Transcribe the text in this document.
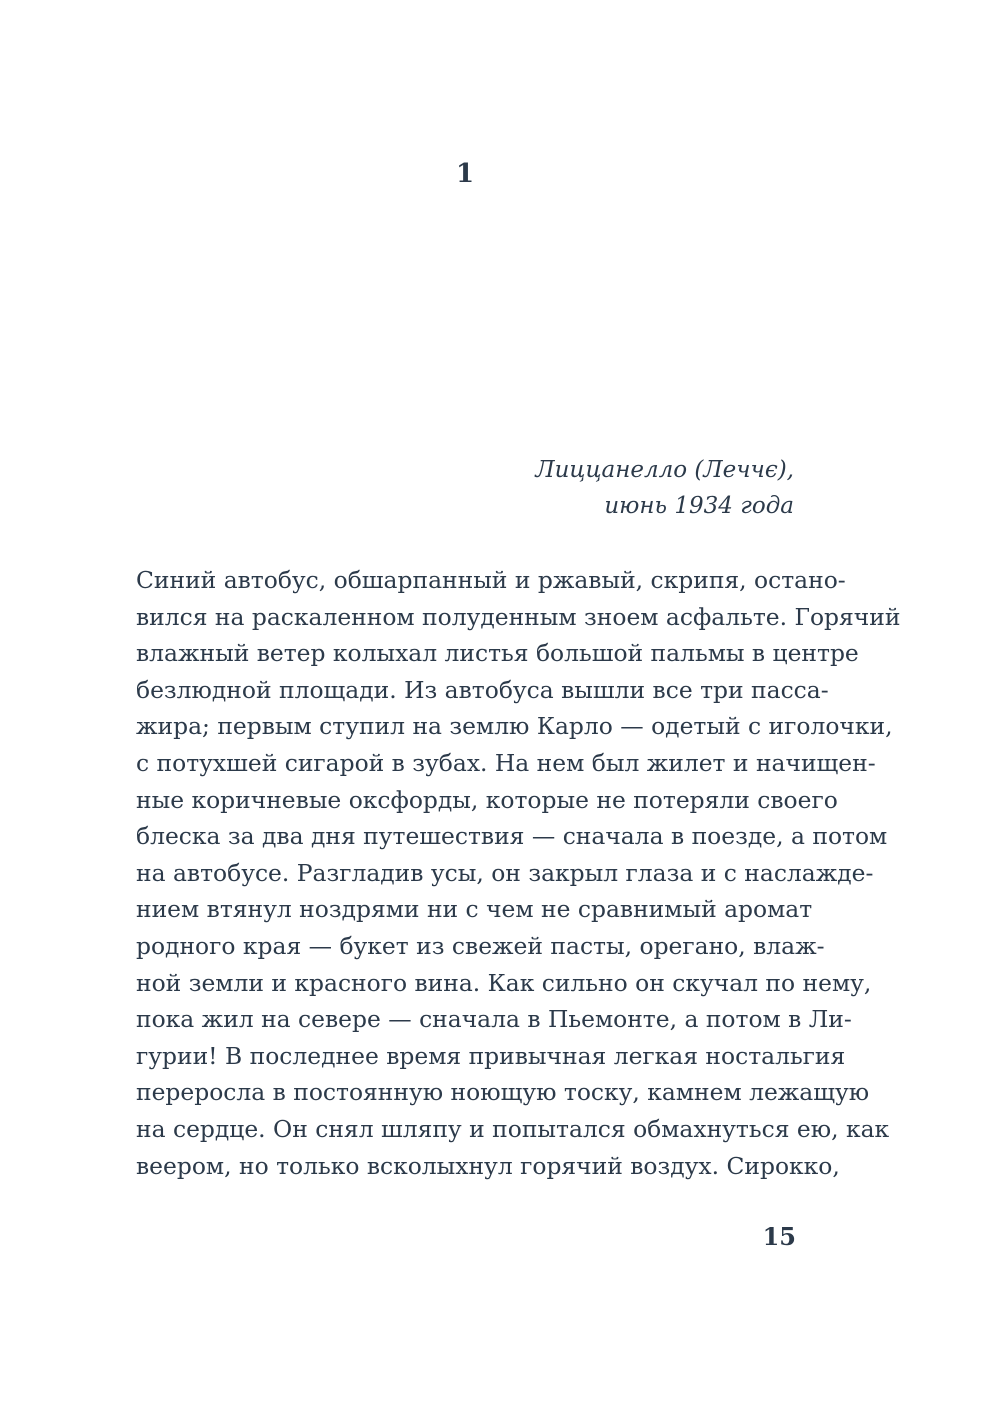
1
Лиццанелло (Леччє),
июнь 1934 года
Синий автобус, обшарпанный и ржавый, скрипя, остано-
вился на раскаленном полуденным зноем асфальте. Горячий
влажный ветер колыхал листья большой пальмы в центре
безлюдной площади. Из автобуса вышли все три пасса-
жира; первым ступил на землю Карло — одетый с иголочки,
с потухшей сигарой в зубах. На нем был жилет и начищен-
ные коричневые оксфорды, которые не потеряли своего
блеска за два дня путешествия — сначала в поезде, а потом
на автобусе. Разгладив усы, он закрыл глаза и с наслажде-
нием втянул ноздрями ни с чем не сравнимый аромат
родного края — букет из свежей пасты, орегано, влаж-
ной земли и красного вина. Как сильно он скучал по нему,
пока жил на севере — сначала в Пьемонте, а потом в Ли-
гурии! В последнее время привычная легкая ностальгия
переросла в постоянную ноющую тоску, камнем лежащую
на сердце. Он снял шляпу и попытался обмахнуться ею, как
веером, но только всколыхнул горячий воздух. Сирокко,
15
